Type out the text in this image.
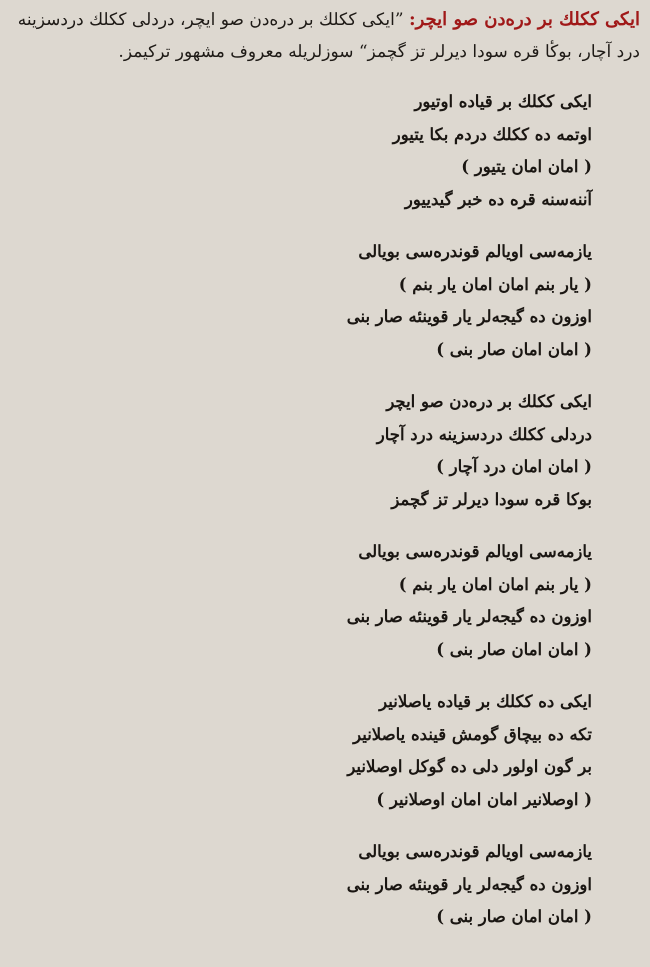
ایکی ککلك بر دره‌دن صو ایچر: ”ایکی ککلك بر دره‌دن صو ایچر، دردلی ککلك دردسزینه درد آچار، بوكٔا قره سودا دیرلر تز گچمز“ سوزلریله معروف مشهور ترکیمز.
ایکی ککلك بر قیاده اوتیور
اوتمه ده ککلك دردم بکا یتیور
( امان امان یتیور )
آننه‌سنه قره ده خبر گیدییور
یازمه‌سی اویالم قوندره‌سی بویالی
( یار بنم امان امان یار بنم )
اوزون ده گیجه‌لر یار قوینئه صار بنی
( امان امان صار بنی )
ایکی ککلك بر دره‌دن صو ایچر
دردلی ککلك دردسزینه درد آچار
( امان امان درد آچار )
بوکا قره سودا دیرلر تز گچمز
یازمه‌سی اویالم قوندره‌سی بویالی
( یار بنم امان امان یار بنم )
اوزون ده گیجه‌لر یار قوینئه صار بنی
( امان امان صار بنی )
ایکی ده ککلك بر قیاده یاصلانیر
تکه ده بیچاق گومش قینده یاصلانیر
بر گون اولور دلی ده گوکل اوصلانیر
( اوصلانیر امان امان اوصلانیر )
یازمه‌سی اویالم قوندره‌سی بویالی
اوزون ده گیجه‌لر یار قوینئه صار بنی
( امان امان صار بنی )
